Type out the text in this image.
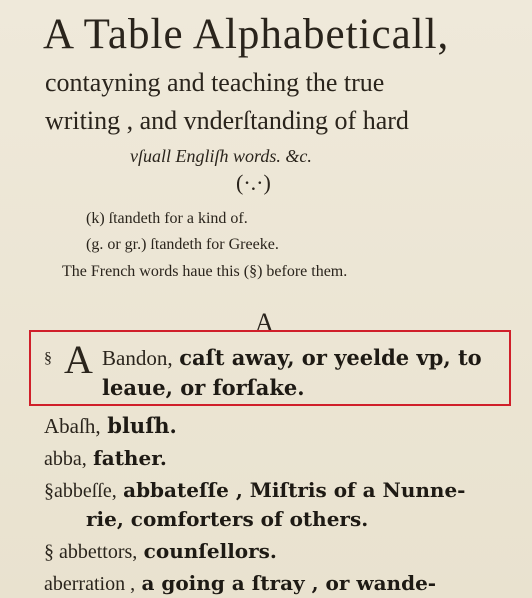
A Table Alphabeticall,
contayning and teaching the true
writing , and vnderſtanding of hard
vſuall Engliſh words. &c.
(·.·)
(k) ſtandeth for a kind of.
(g. or gr.) ſtandeth for Greeke.
The French words haue this (§) before them.
A
§ A Bandon, caſt away, or yeelde vp, to
leaue, or forſake.
Abaſh, bluſh.
abba, father.
§abbeſſe, abbateſſe , Miſtris of a Nunne-
rie, comforters of others.
§ abbettors, counſellors.
aberration , a going a ſtray , or wande-
